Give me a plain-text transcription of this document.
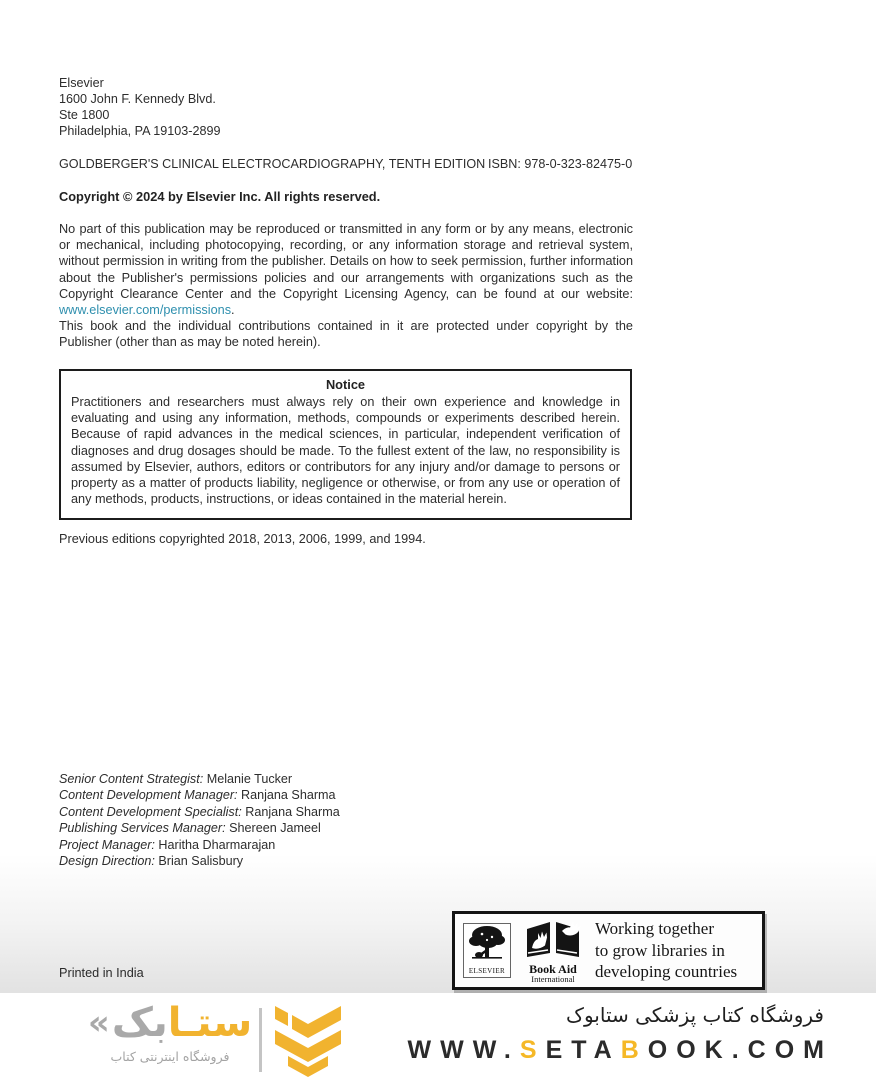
Elsevier
1600 John F. Kennedy Blvd.
Ste 1800
Philadelphia, PA 19103-2899
GOLDBERGER'S CLINICAL ELECTROCARDIOGRAPHY, TENTH EDITION ISBN: 978-0-323-82475-0

Copyright © 2024 by Elsevier Inc. All rights reserved.

No part of this publication may be reproduced or transmitted in any form or by any means, electronic or mechanical, including photocopying, recording, or any information storage and retrieval system, without permission in writing from the publisher. Details on how to seek permission, further information about the Publisher's permissions policies and our arrangements with organizations such as the Copyright Clearance Center and the Copyright Licensing Agency, can be found at our website: www.elsevier.com/permissions.

This book and the individual contributions contained in it are protected under copyright by the Publisher (other than as may be noted herein).

Notice
Practitioners and researchers must always rely on their own experience and knowledge in evaluating and using any information, methods, compounds or experiments described herein. Because of rapid advances in the medical sciences, in particular, independent verification of diagnoses and drug dosages should be made. To the fullest extent of the law, no responsibility is assumed by Elsevier, authors, editors or contributors for any injury and/or damage to persons or property as a matter of products liability, negligence or otherwise, or from any use or operation of any methods, products, instructions, or ideas contained in the material herein.

Previous editions copyrighted 2018, 2013, 2006, 1999, and 1994.

Senior Content Strategist: Melanie Tucker
Content Development Manager: Ranjana Sharma
Content Development Specialist: Ranjana Sharma
Publishing Services Manager: Shereen Jameel
Project Manager: Haritha Dharmarajan
Design Direction: Brian Salisbury
ELSEVIER Book Aid
International
Working together
to grow libraries in
developing countries

Printed in India

« بک ستـا
فروشگاه اینترنتی کتاب
فروشگاه کتاب پزشکی ستابوک
WWW.SETABOOK.COM
